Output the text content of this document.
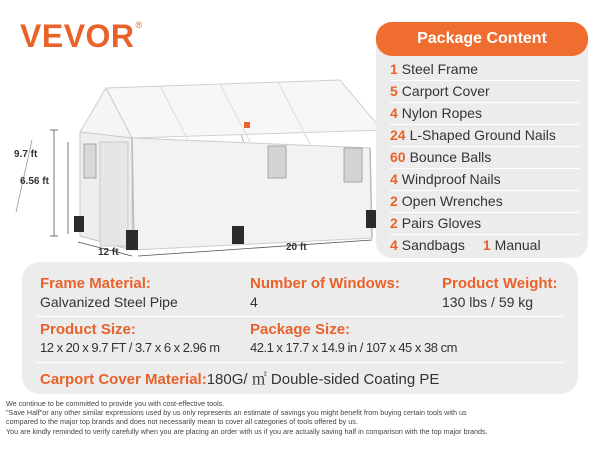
VEVOR®
9.7 ft
6.56 ft
12 ft	20 ft
Package Content
1 Steel Frame
5 Carport Cover
4 Nylon Ropes
24 L-Shaped Ground Nails
60 Bounce Balls
4 Windproof Nails
2 Open Wrenches
2 Pairs Gloves
4 Sandbags 1 Manual
Frame Material:
Galvanized Steel Pipe
Number of Windows:
4
Product Weight:
130 lbs / 59 kg
Product Size:
12 x 20 x 9.7 FT / 3.7 x 6 x 2.96 m
Package Size:
42.1 x 17.7 x 14.9 in / 107 x 45 x 38 cm
Carport Cover Material:180G/ ㎡ Double-sided Coating PE
We continue to be committed to provide you with cost-effective tools.
"Save Half"or any other similar expressions used by us only represents an estimate of savings you might benefit from buying certain tools with us
compared to the major top brands and does not necessarily mean to cover all categories of tools offered by us.
You are kindly reminded to verify carefully when you are placing an order with us if you are actually saving half in comparison with the top major brands.
